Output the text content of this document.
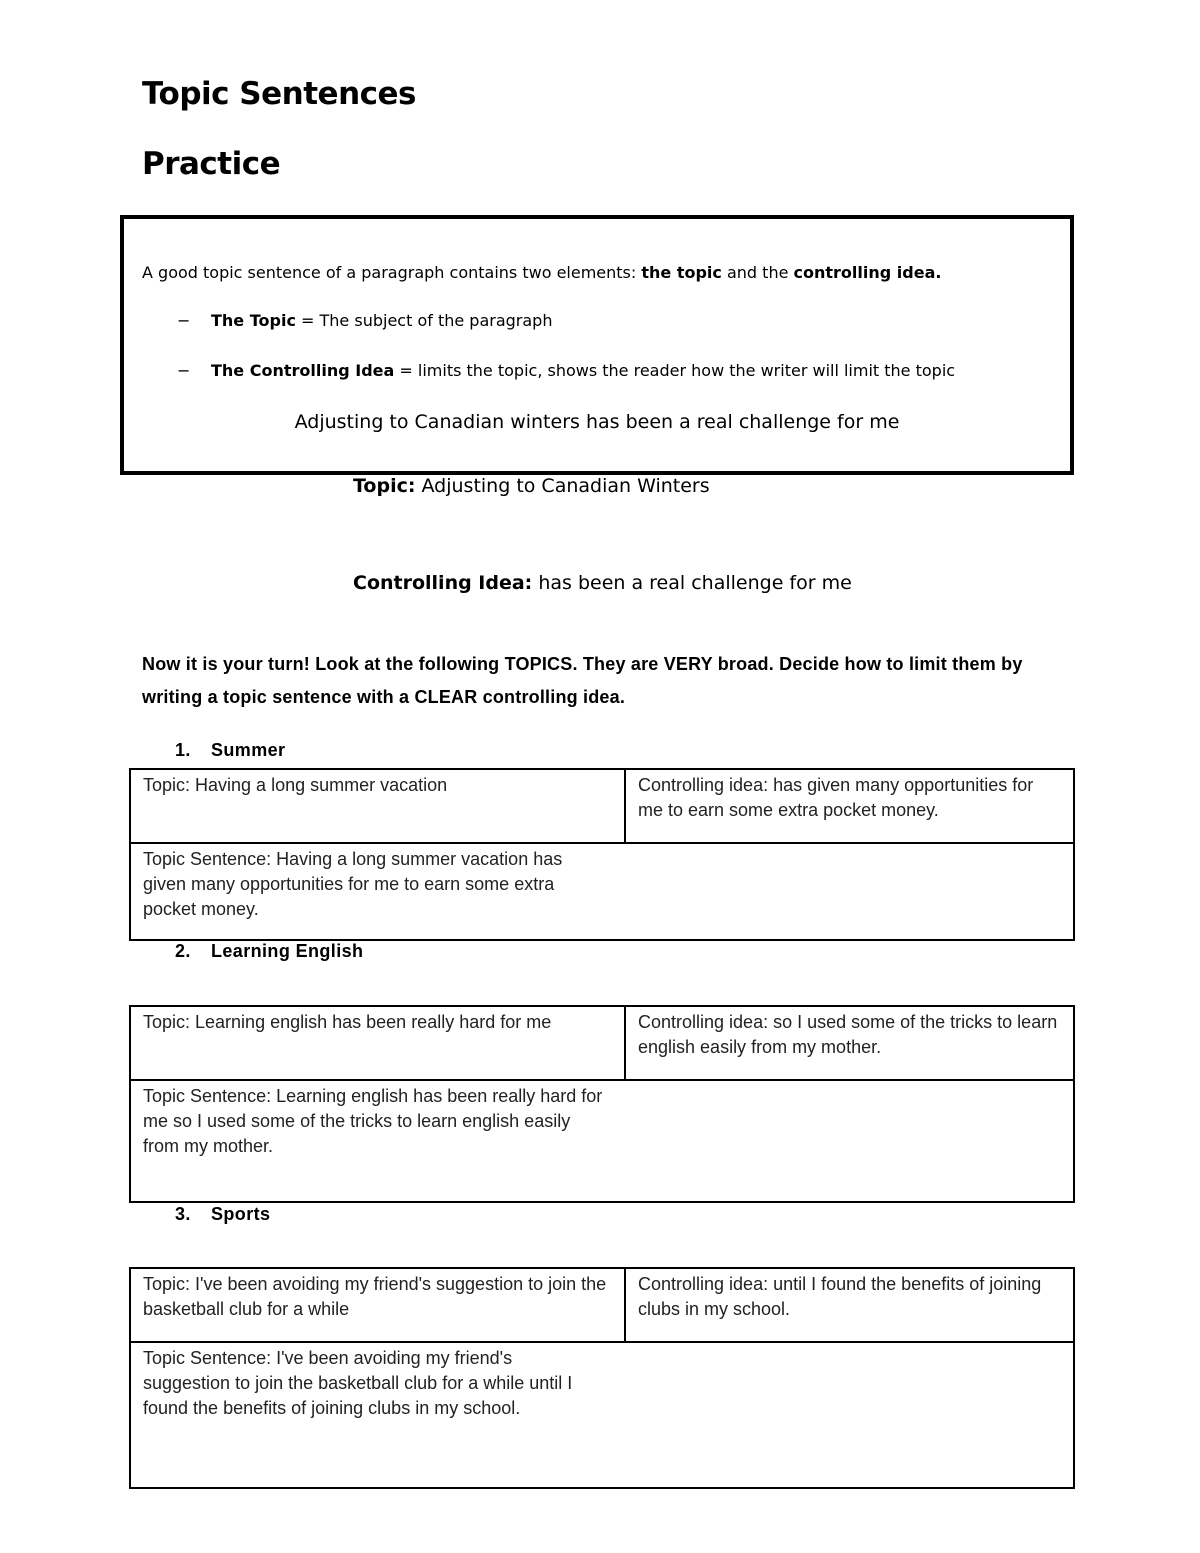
Topic Sentences
Practice
A good topic sentence of a paragraph contains two elements: the topic and the controlling idea.
− The Topic = The subject of the paragraph
− The Controlling Idea = limits the topic, shows the reader how the writer will limit the topic
Adjusting to Canadian winters has been a real challenge for me
Topic: Adjusting to Canadian Winters
Controlling Idea: has been a real challenge for me
Now it is your turn! Look at the following TOPICS. They are VERY broad. Decide how to limit them by writing a topic sentence with a CLEAR controlling idea.
1. Summer
Topic: Having a long summer vacation	Controlling idea: has given many opportunities for me to earn some extra pocket money.
Topic Sentence: Having a long summer vacation has given many opportunities for me to earn some extra pocket money.
2. Learning English
Topic: Learning english has been really hard for me	Controlling idea: so I used some of the tricks to learn english easily from my mother.
Topic Sentence: Learning english has been really hard for me so I used some of the tricks to learn english easily from my mother.
3. Sports
Topic: I've been avoiding my friend's suggestion to join the basketball club for a while	Controlling idea: until I found the benefits of joining clubs in my school.
Topic Sentence: I've been avoiding my friend's suggestion to join the basketball club for a while until I found the benefits of joining clubs in my school.
